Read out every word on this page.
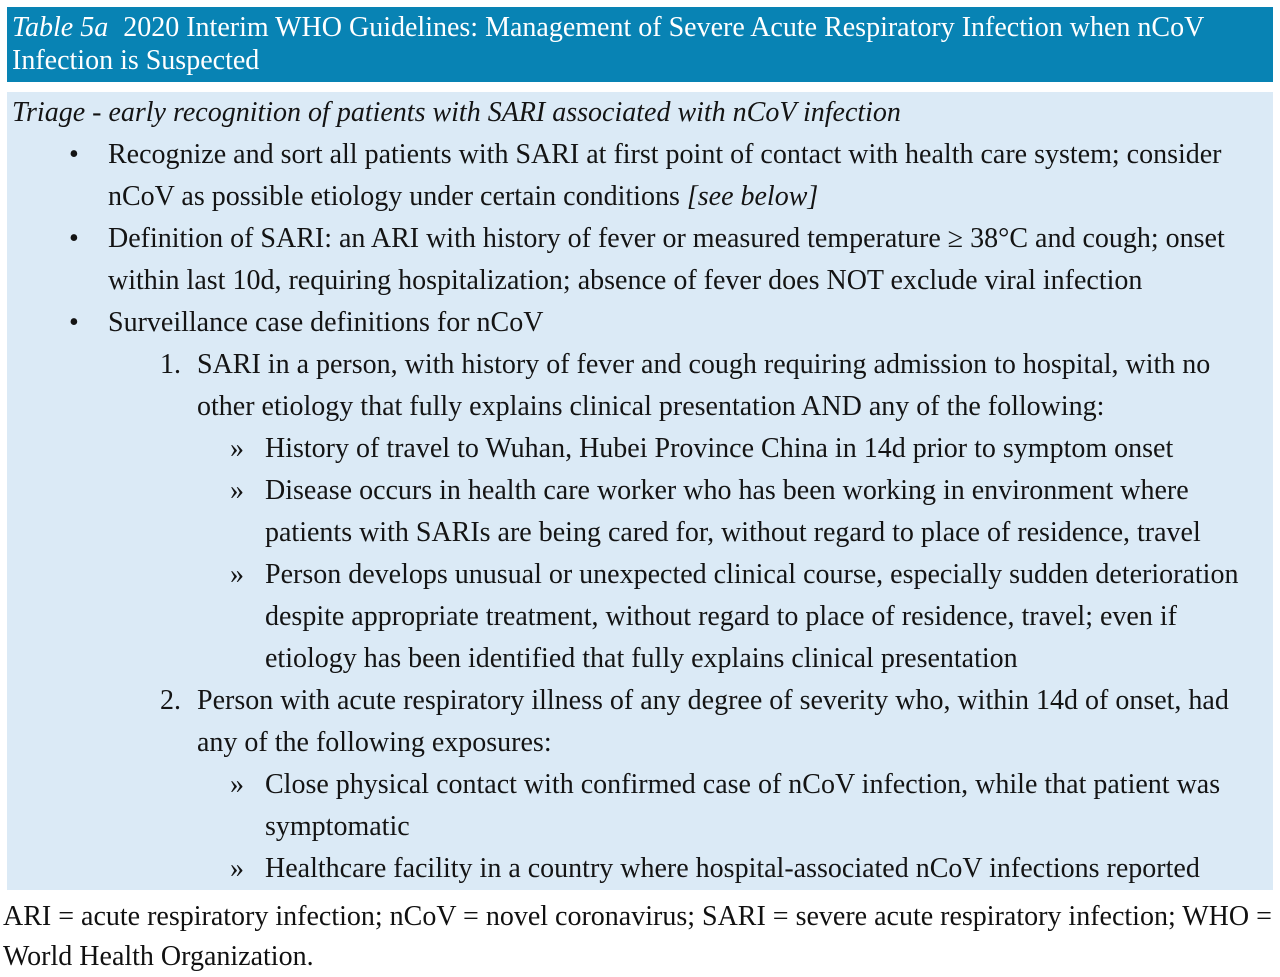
Table 5a 2020 Interim WHO Guidelines: Management of Severe Acute Respiratory Infection when nCoV Infection is Suspected
Triage - early recognition of patients with SARI associated with nCoV infection
•	Recognize and sort all patients with SARI at first point of contact with health care system; consider nCoV as possible etiology under certain conditions [see below]
•	Definition of SARI: an ARI with history of fever or measured temperature ≥ 38°C and cough; onset within last 10d, requiring hospitalization; absence of fever does NOT exclude viral infection
•	Surveillance case definitions for nCoV
1. SARI in a person, with history of fever and cough requiring admission to hospital, with no other etiology that fully explains clinical presentation AND any of the following:
» History of travel to Wuhan, Hubei Province China in 14d prior to symptom onset
» Disease occurs in health care worker who has been working in environment where patients with SARIs are being cared for, without regard to place of residence, travel
» Person develops unusual or unexpected clinical course, especially sudden deterioration despite appropriate treatment, without regard to place of residence, travel; even if etiology has been identified that fully explains clinical presentation
2. Person with acute respiratory illness of any degree of severity who, within 14d of onset, had any of the following exposures:
» Close physical contact with confirmed case of nCoV infection, while that patient was symptomatic
» Healthcare facility in a country where hospital-associated nCoV infections reported
ARI = acute respiratory infection; nCoV = novel coronavirus; SARI = severe acute respiratory infection; WHO = World Health Organization.
